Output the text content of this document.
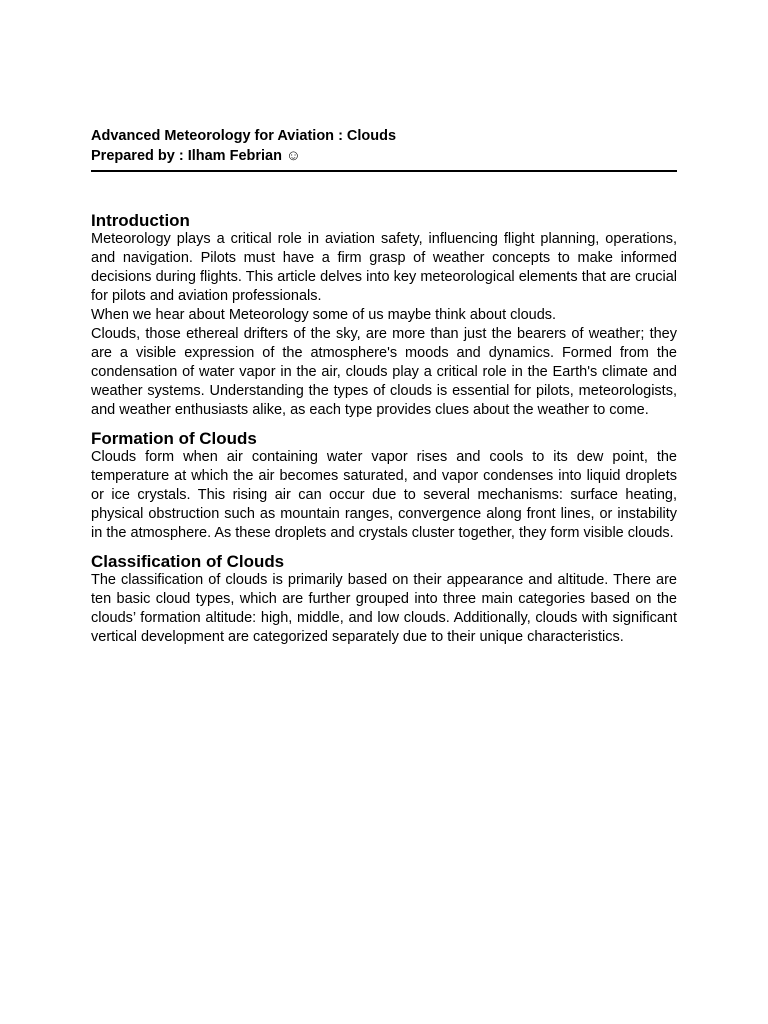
Advanced Meteorology for Aviation : Clouds
Prepared by : Ilham Febrian ☺
Introduction

Meteorology plays a critical role in aviation safety, influencing flight planning, operations, and navigation. Pilots must have a firm grasp of weather concepts to make informed decisions during flights. This article delves into key meteorological elements that are crucial for pilots and aviation professionals.

When we hear about Meteorology some of us maybe think about clouds.

Clouds, those ethereal drifters of the sky, are more than just the bearers of weather; they are a visible expression of the atmosphere's moods and dynamics. Formed from the condensation of water vapor in the air, clouds play a critical role in the Earth's climate and weather systems. Understanding the types of clouds is essential for pilots, meteorologists, and weather enthusiasts alike, as each type provides clues about the weather to come.

Formation of Clouds

Clouds form when air containing water vapor rises and cools to its dew point, the temperature at which the air becomes saturated, and vapor condenses into liquid droplets or ice crystals. This rising air can occur due to several mechanisms: surface heating, physical obstruction such as mountain ranges, convergence along front lines, or instability in the atmosphere. As these droplets and crystals cluster together, they form visible clouds.

Classification of Clouds

The classification of clouds is primarily based on their appearance and altitude. There are ten basic cloud types, which are further grouped into three main categories based on the clouds’ formation altitude: high, middle, and low clouds. Additionally, clouds with significant vertical development are categorized separately due to their unique characteristics.
